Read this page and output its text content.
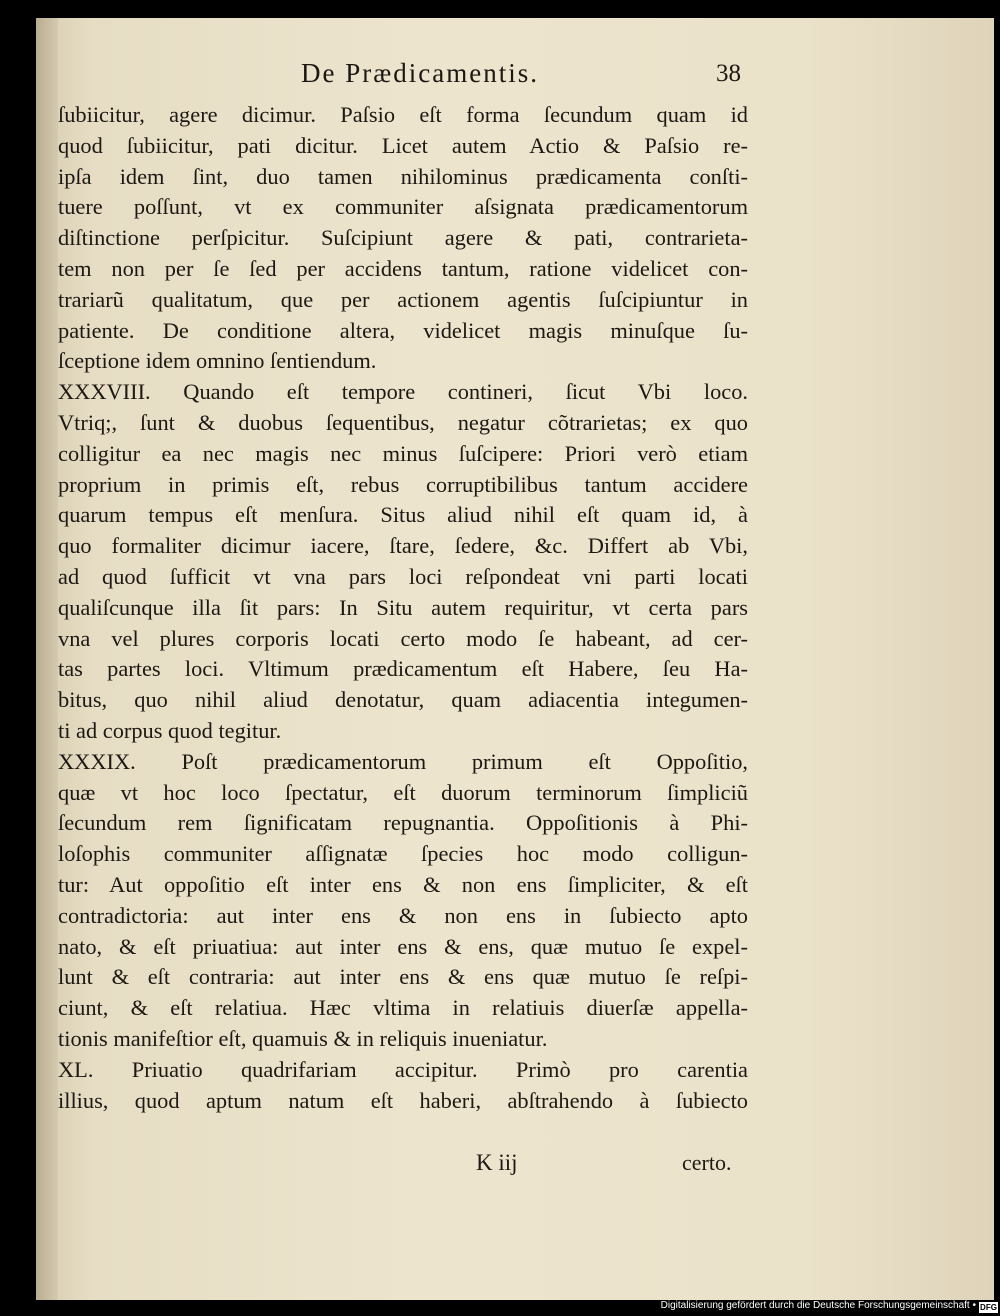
De Prædicamentis.	38
ſubiicitur, agere dicimur. Paſsio eſt forma ſecundum quam id
quod ſubiicitur, pati dicitur. Licet autem Actio & Paſsio re-
ipſa idem ſint, duo tamen nihilominus prædicamenta conſti-
tuere poſſunt, vt ex communiter aſsignata prædicamentorum
diſtinctione perſpicitur. Suſcipiunt agere & pati, contrarieta-
tem non per ſe ſed per accidens tantum, ratione videlicet con-
trariarũ qualitatum, que per actionem agentis ſuſcipiuntur in
patiente. De conditione altera, videlicet magis minuſque ſu-
ſceptione idem omnino ſentiendum.
XXXVIII. Quando eſt tempore contineri, ſicut Vbi loco.
Vtriq;, ſunt & duobus ſequentibus, negatur cõtrarietas; ex quo
colligitur ea nec magis nec minus ſuſcipere: Priori verò etiam
proprium in primis eſt, rebus corruptibilibus tantum accidere
quarum tempus eſt menſura. Situs aliud nihil eſt quam id, à
quo formaliter dicimur iacere, ſtare, ſedere, &c. Differt ab Vbi,
ad quod ſufficit vt vna pars loci reſpondeat vni parti locati
qualiſcunque illa ſit pars: In Situ autem requiritur, vt certa pars
vna vel plures corporis locati certo modo ſe habeant, ad cer-
tas partes loci. Vltimum prædicamentum eſt Habere, ſeu Ha-
bitus, quo nihil aliud denotatur, quam adiacentia integumen-
ti ad corpus quod tegitur.
XXXIX. Poſt prædicamentorum primum eſt Oppoſitio,
quæ vt hoc loco ſpectatur, eſt duorum terminorum ſimpliciũ
ſecundum rem ſignificatam repugnantia. Oppoſitionis à Phi-
loſophis communiter aſſignatæ ſpecies hoc modo colligun-
tur: Aut oppoſitio eſt inter ens & non ens ſimpliciter, & eſt
contradictoria: aut inter ens & non ens in ſubiecto apto
nato, & eſt priuatiua: aut inter ens & ens, quæ mutuo ſe expel-
lunt & eſt contraria: aut inter ens & ens quæ mutuo ſe reſpi-
ciunt, & eſt relatiua. Hæc vltima in relatiuis diuerſæ appella-
tionis manifeſtior eſt, quamuis & in reliquis inueniatur.
XL. Priuatio quadrifariam accipitur. Primò pro carentia
illius, quod aptum natum eſt haberi, abſtrahendo à ſubiecto
K iij	certo.
Digitalisierung gefördert durch die Deutsche Forschungsgemeinschaft • DFG
